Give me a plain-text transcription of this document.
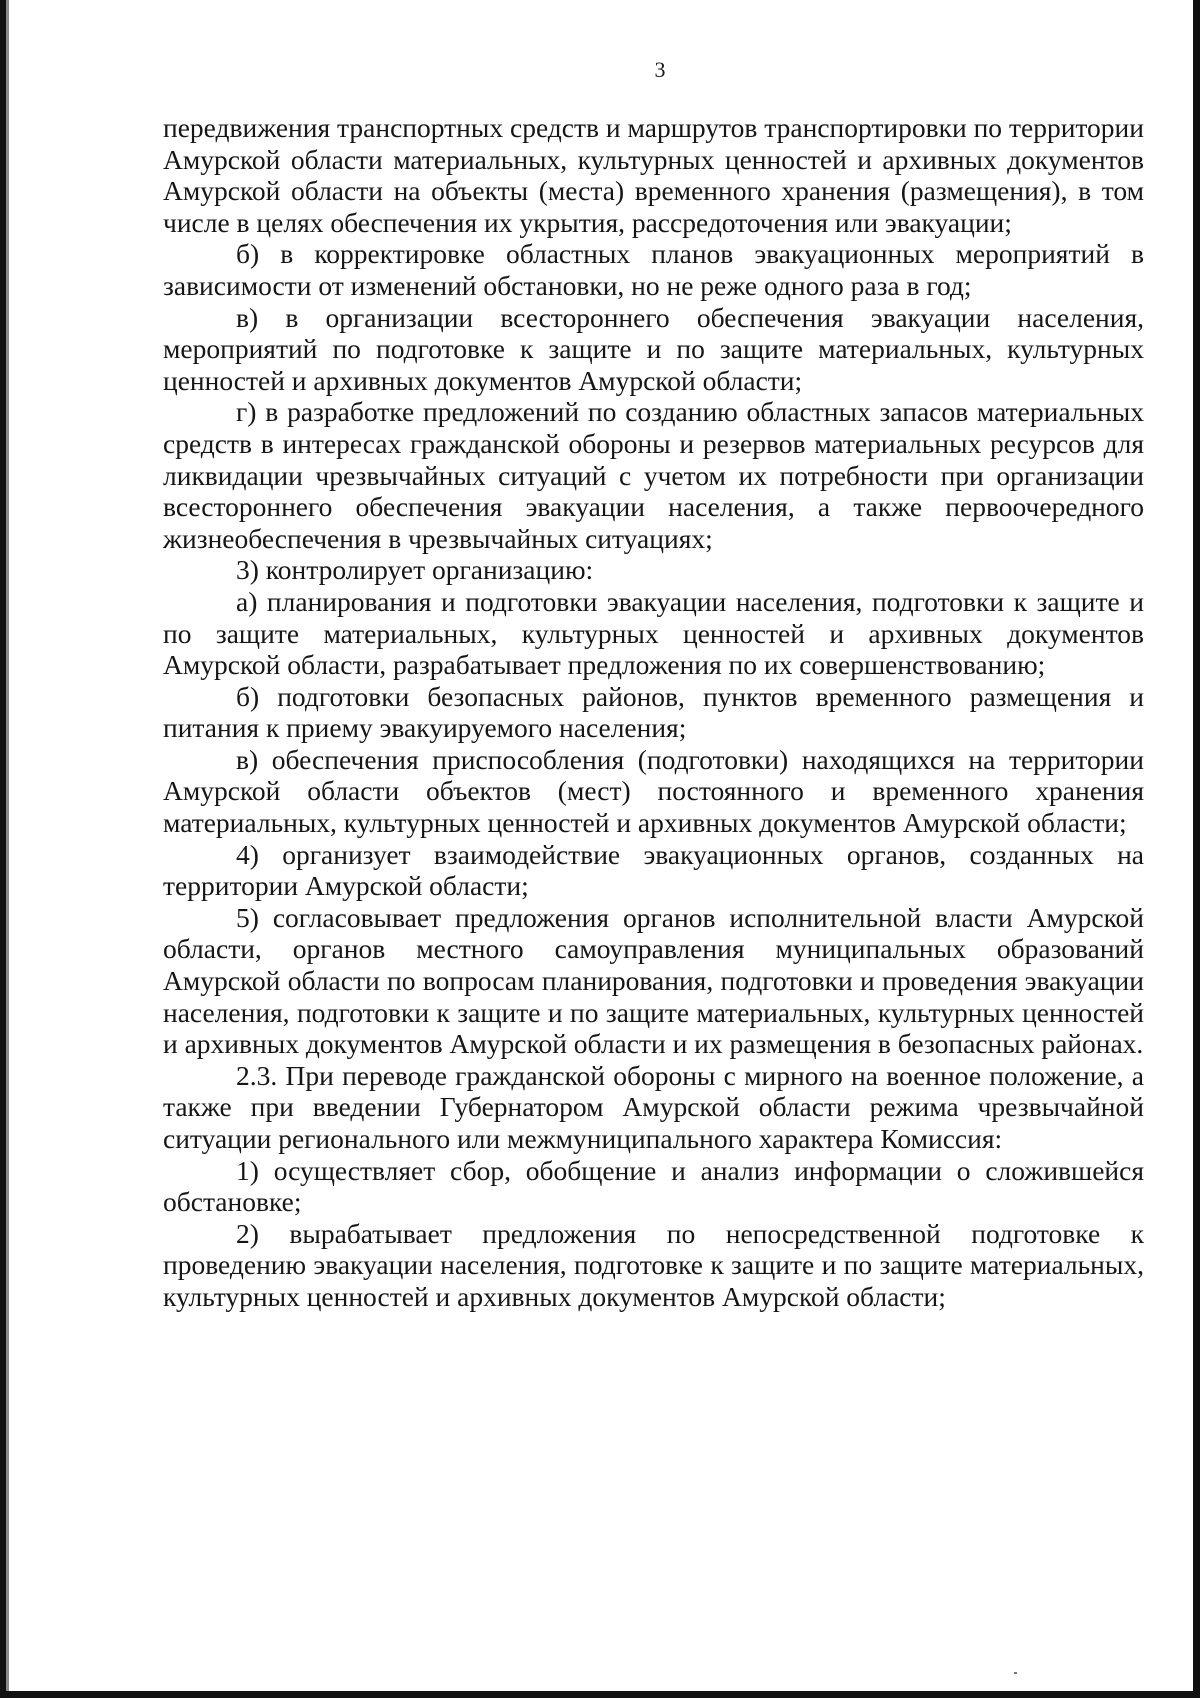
3

передвижения транспортных средств и маршрутов транспортировки по территории Амурской области материальных, культурных ценностей и архивных документов Амурской области на объекты (места) временного хранения (размещения), в том числе в целях обеспечения их укрытия, рассредоточения или эвакуации;

б) в корректировке областных планов эвакуационных мероприятий в зависимости от изменений обстановки, но не реже одного раза в год;

в) в организации всестороннего обеспечения эвакуации населения, мероприятий по подготовке к защите и по защите материальных, культурных ценностей и архивных документов Амурской области;

г) в разработке предложений по созданию областных запасов материальных средств в интересах гражданской обороны и резервов материальных ресурсов для ликвидации чрезвычайных ситуаций с учетом их потребности при организации всестороннего обеспечения эвакуации населения, а также первоочередного жизнеобеспечения в чрезвычайных ситуациях;

3) контролирует организацию:

а) планирования и подготовки эвакуации населения, подготовки к защите и по защите материальных, культурных ценностей и архивных документов Амурской области, разрабатывает предложения по их совершенствованию;

б) подготовки безопасных районов, пунктов временного размещения и питания к приему эвакуируемого населения;

в) обеспечения приспособления (подготовки) находящихся на территории Амурской области объектов (мест) постоянного и временного хранения материальных, культурных ценностей и архивных документов Амурской области;

4) организует взаимодействие эвакуационных органов, созданных на территории Амурской области;

5) согласовывает предложения органов исполнительной власти Амурской области, органов местного самоуправления муниципальных образований Амурской области по вопросам планирования, подготовки и проведения эвакуации населения, подготовки к защите и по защите материальных, культурных ценностей и архивных документов Амурской области и их размещения в безопасных районах.

2.3. При переводе гражданской обороны с мирного на военное положение, а также при введении Губернатором Амурской области режима чрезвычайной ситуации регионального или межмуниципального характера Комиссия:

1) осуществляет сбор, обобщение и анализ информации о сложившейся обстановке;

2) вырабатывает предложения по непосредственной подготовке к проведению эвакуации населения, подготовке к защите и по защите материальных, культурных ценностей и архивных документов Амурской области;
